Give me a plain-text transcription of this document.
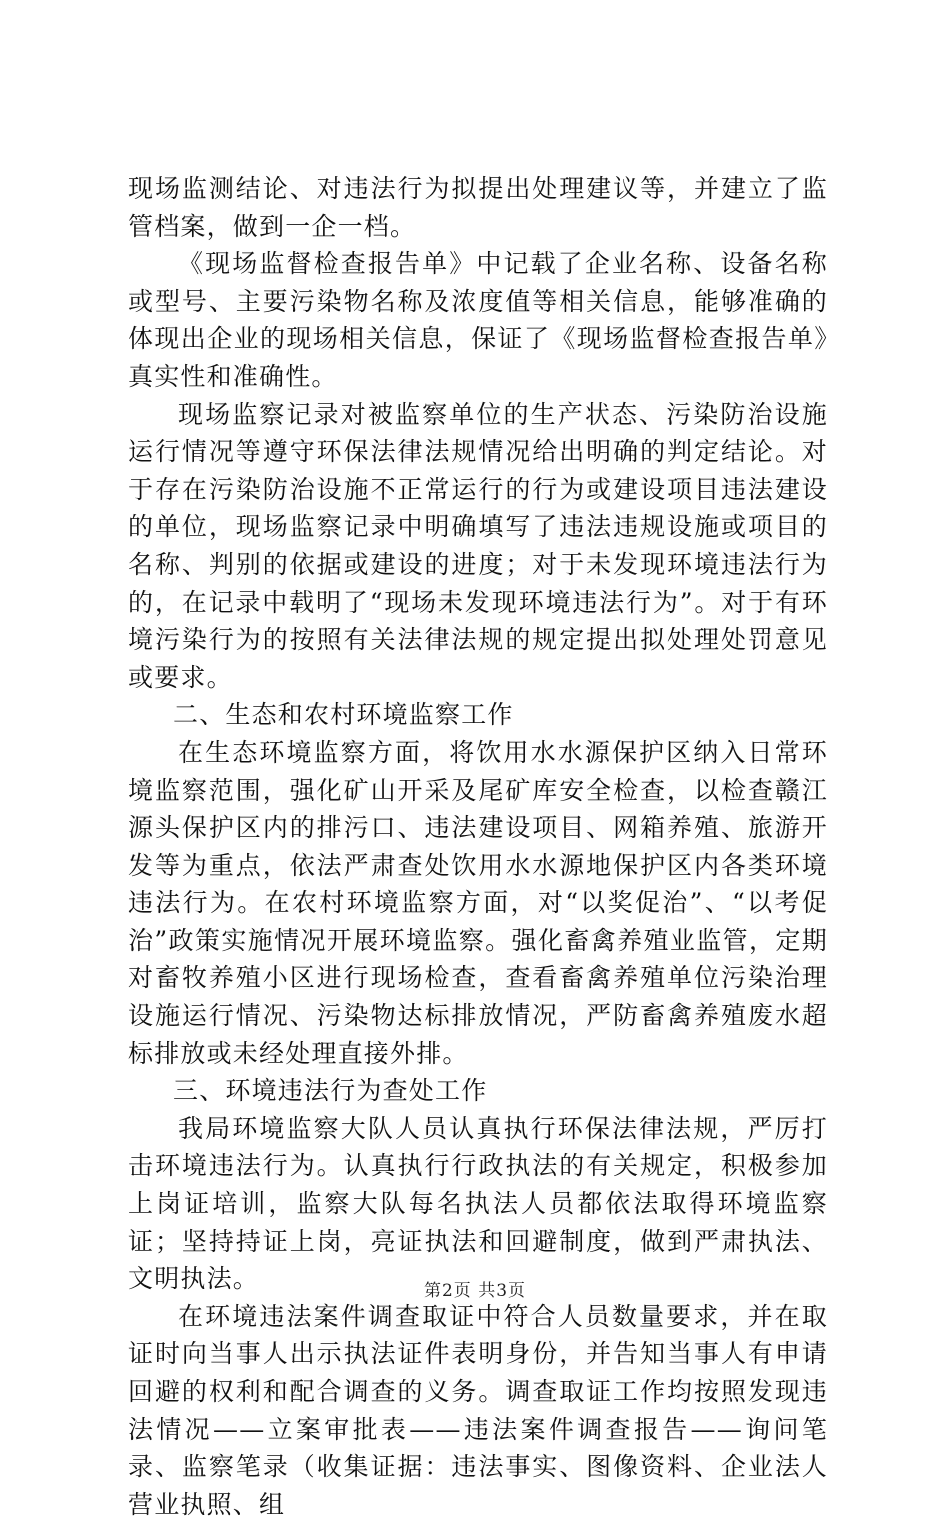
现场监测结论、对违法行为拟提出处理建议等，并建立了监管档案，做到一企一档。

《现场监督检查报告单》中记载了企业名称、设备名称或型号、主要污染物名称及浓度值等相关信息，能够准确的体现出企业的现场相关信息，保证了《现场监督检查报告单》真实性和准确性。

现场监察记录对被监察单位的生产状态、污染防治设施运行情况等遵守环保法律法规情况给出明确的判定结论。对于存在污染防治设施不正常运行的行为或建设项目违法建设的单位，现场监察记录中明确填写了违法违规设施或项目的名称、判别的依据或建设的进度；对于未发现环境违法行为的，在记录中载明了“现场未发现环境违法行为”。对于有环境污染行为的按照有关法律法规的规定提出拟处理处罚意见或要求。

二、生态和农村环境监察工作

在生态环境监察方面，将饮用水水源保护区纳入日常环境监察范围，强化矿山开采及尾矿库安全检查，以检查赣江源头保护区内的排污口、违法建设项目、网箱养殖、旅游开发等为重点，依法严肃查处饮用水水源地保护区内各类环境违法行为。在农村环境监察方面，对“以奖促治”、“以考促治”政策实施情况开展环境监察。强化畜禽养殖业监管，定期对畜牧养殖小区进行现场检查，查看畜禽养殖单位污染治理设施运行情况、污染物达标排放情况，严防畜禽养殖废水超标排放或未经处理直接外排。

三、环境违法行为查处工作

我局环境监察大队人员认真执行环保法律法规，严厉打击环境违法行为。认真执行行政执法的有关规定，积极参加上岗证培训，监察大队每名执法人员都依法取得环境监察证；坚持持证上岗，亮证执法和回避制度，做到严肃执法、文明执法。

在环境违法案件调查取证中符合人员数量要求，并在取证时向当事人出示执法证件表明身份，并告知当事人有申请回避的权利和配合调查的义务。调查取证工作均按照发现违法情况——立案审批表——违法案件调查报告——询问笔录、监察笔录（收集证据：违法事实、图像资料、企业法人营业执照、组

第2页 共3页
